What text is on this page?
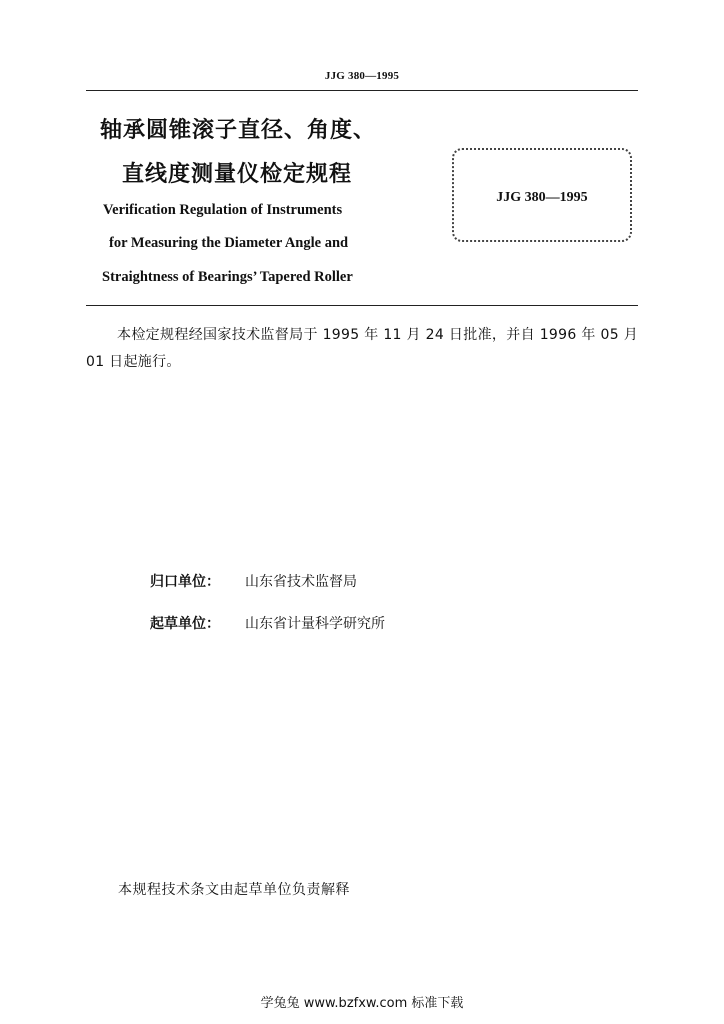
JJG 380—1995
轴承圆锥滚子直径、角度、
直线度测量仪检定规程
Verification Regulation of Instruments
for Measuring the Diameter Angle and
Straightness of Bearings’ Tapered Roller
JJG 380—1995
本检定规程经国家技术监督局于 1995 年 11 月 24 日批准，并自 1996 年 05 月 01 日起施行。
归口单位： 山东省技术监督局
起草单位： 山东省计量科学研究所
本规程技术条文由起草单位负责解释
学兔兔 www.bzfxw.com 标准下载
